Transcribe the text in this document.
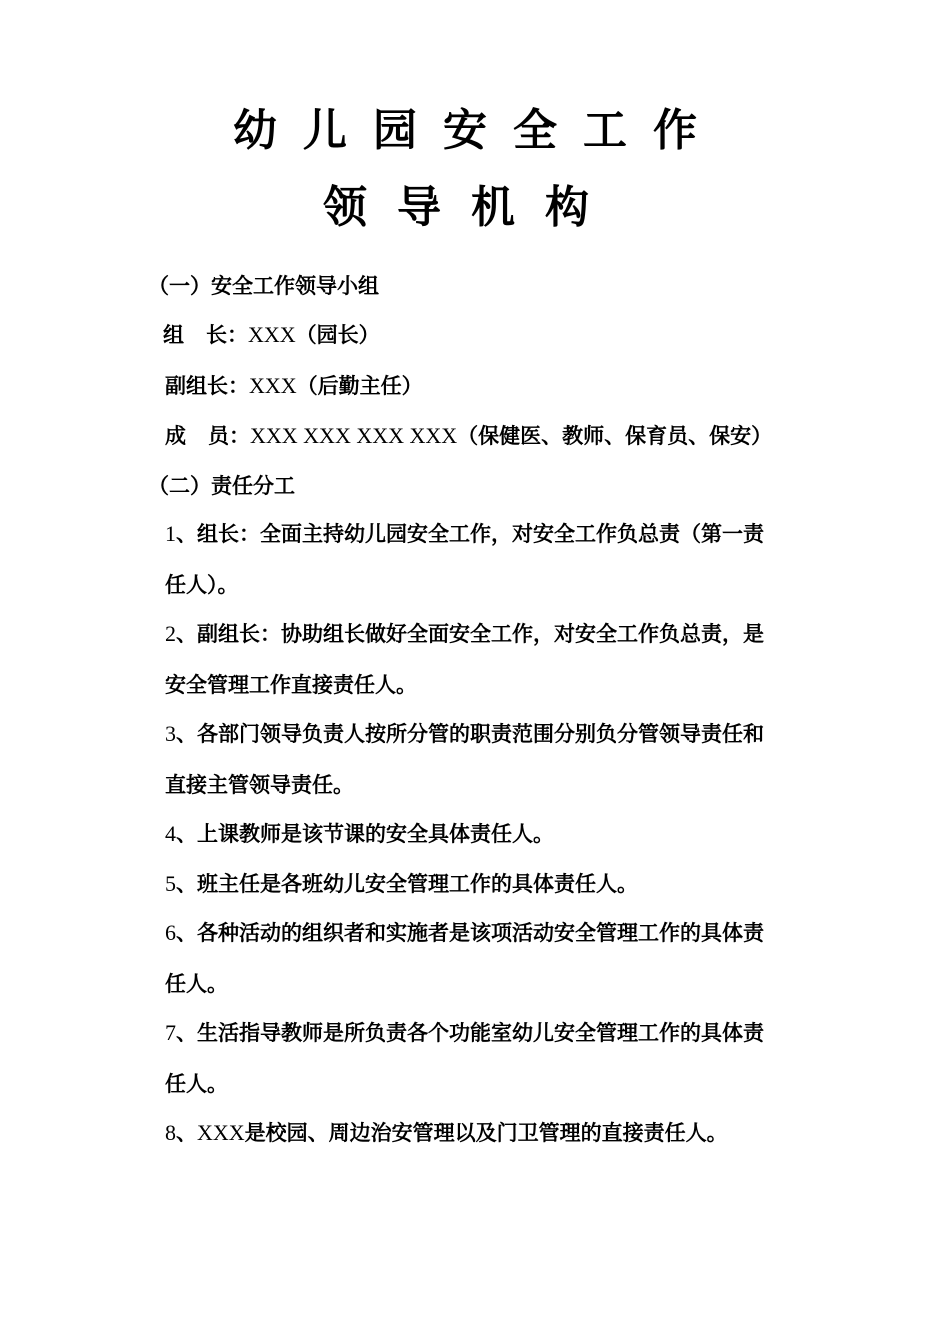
幼儿园安全工作
领导机构
（一）安全工作领导小组
组 长：XXX（园长）
副组长：XXX（后勤主任）
成 员：XXX XXX XXX XXX（保健医、教师、保育员、保安）
（二）责任分工
1、组长：全面主持幼儿园安全工作，对安全工作负总责（第一责
任人）。
2、副组长：协助组长做好全面安全工作，对安全工作负总责，是
安全管理工作直接责任人。
3、各部门领导负责人按所分管的职责范围分别负分管领导责任和
直接主管领导责任。
4、上课教师是该节课的安全具体责任人。
5、班主任是各班幼儿安全管理工作的具体责任人。
6、各种活动的组织者和实施者是该项活动安全管理工作的具体责
任人。
7、生活指导教师是所负责各个功能室幼儿安全管理工作的具体责
任人。
8、XXX是校园、周边治安管理以及门卫管理的直接责任人。
